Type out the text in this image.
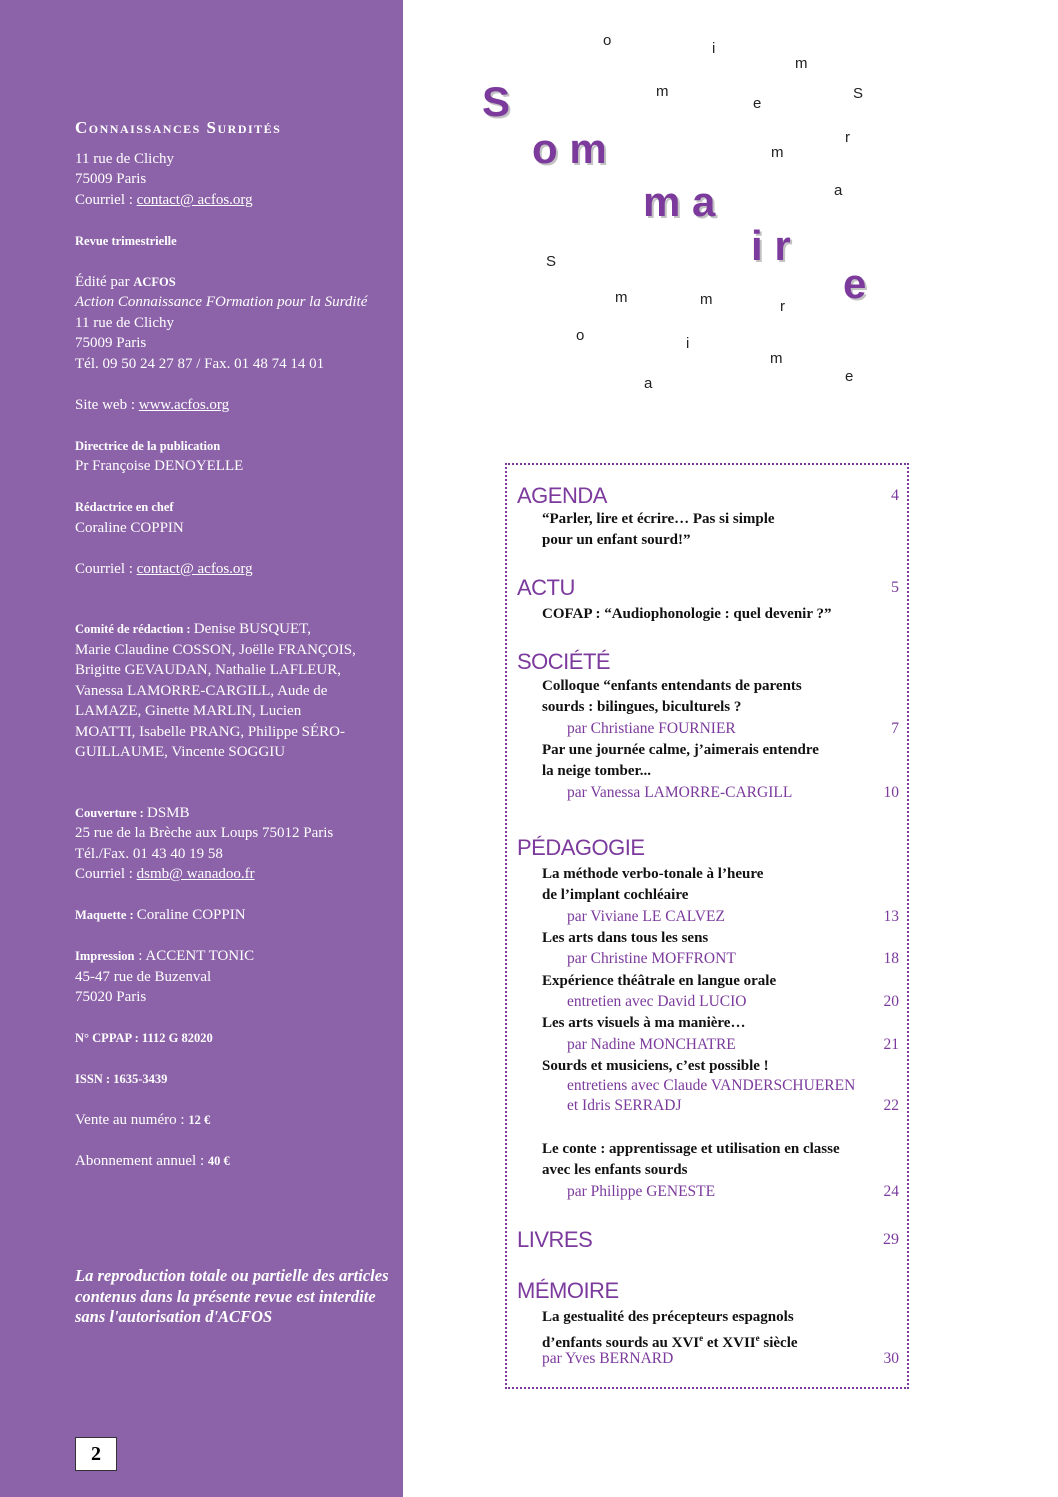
Connaissances Surdités
11 rue de Clichy
75009 Paris
Courriel : contact@ acfos.org
Revue trimestrielle
Édité par ACFOS
Action Connaissance FOrmation pour la Surdité
11 rue de Clichy
75009 Paris
Tél. 09 50 24 27 87 / Fax. 01 48 74 14 01
Site web : www.acfos.org
Directrice de la publication
Pr Françoise DENOYELLE
Rédactrice en chef
Coraline COPPIN
Courriel : contact@ acfos.org
Comité de rédaction : Denise BUSQUET,
Marie Claudine COSSON, Joëlle FRANÇOIS,
Brigitte GEVAUDAN, Nathalie LAFLEUR,
Vanessa LAMORRE-CARGILL, Aude de
LAMAZE, Ginette MARLIN, Lucien
MOATTI, Isabelle PRANG, Philippe SÉRO-
GUILLAUME, Vincente SOGGIU
Couverture : DSMB
25 rue de la Brèche aux Loups 75012 Paris
Tél./Fax. 01 43 40 19 58
Courriel : dsmb@ wanadoo.fr
Maquette : Coraline COPPIN
Impression : ACCENT TONIC
45-47 rue de Buzenval
75020 Paris
N° CPPAP : 1112 G 82020
ISSN : 1635-3439
Vente au numéro : 12 €
Abonnement annuel : 40 €
La reproduction totale ou partielle des articles contenus dans la présente revue est interdite sans l'autorisation d'ACFOS
2
S
o m
m a
i r
e
o	i
m
m
e
S
r
m
a
S
m	m	r
o	i
m
e
a
AGENDA	4
“Parler, lire et écrire… Pas si simple
pour un enfant sourd!”
ACTU	5
COFAP : “Audiophonologie : quel devenir ?”
SOCIÉTÉ
Colloque “enfants entendants de parents
sourds : bilingues, biculturels ?
par Christiane FOURNIER	7
Par une journée calme, j’aimerais entendre
la neige tomber...
par Vanessa LAMORRE-CARGILL	10
PÉDAGOGIE
La méthode verbo-tonale à l’heure
de l’implant cochléaire
par Viviane LE CALVEZ	13
Les arts dans tous les sens
par Christine MOFFRONT	18
Expérience théâtrale en langue orale
entretien avec David LUCIO	20
Les arts visuels à ma manière…
par Nadine MONCHATRE	21
Sourds et musiciens, c’est possible !
entretiens avec Claude VANDERSCHUEREN
et Idris SERRADJ	22
Le conte : apprentissage et utilisation en classe
avec les enfants sourds
par Philippe GENESTE	24
LIVRES	29
MÉMOIRE
La gestualité des précepteurs espagnols
d’enfants sourds au XVIe et XVIIe siècle
par Yves BERNARD	30
